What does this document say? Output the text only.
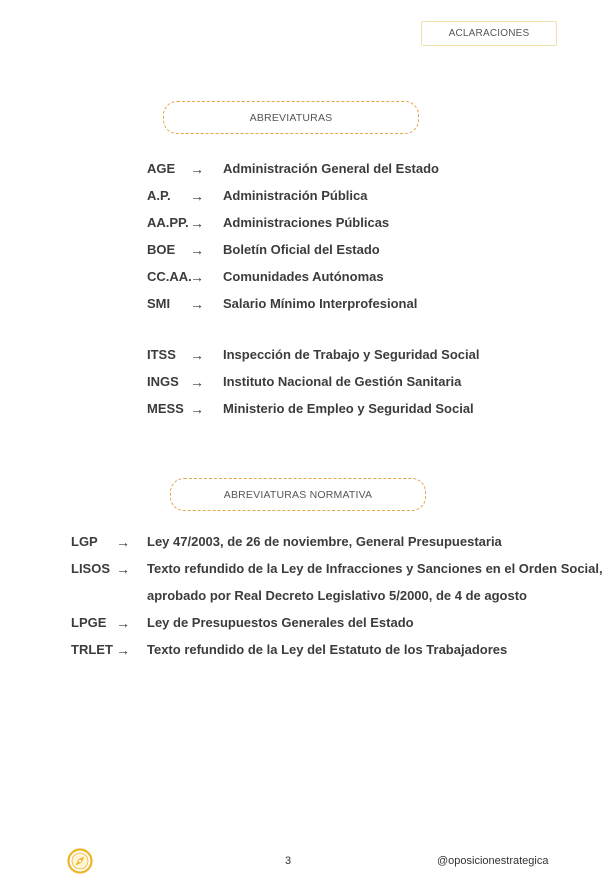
ACLARACIONES
ABREVIATURAS
AGE → Administración General del Estado
A.P. → Administración Pública
AA.PP. → Administraciones Públicas
BOE → Boletín Oficial del Estado
CC.AA.
→ Comunidades Autónomas
SMI → Salario Mínimo Interprofesional
ITSS → Inspección de Trabajo y Seguridad Social
INGS → Instituto Nacional de Gestión Sanitaria
MESS → Ministerio de Empleo y Seguridad Social
ABREVIATURAS NORMATIVA
LGP → Ley 47/2003, de 26 de noviembre, General Presupuestaria
LISOS → Texto refundido de la Ley de Infracciones y Sanciones en el Orden Social,
aprobado por Real Decreto Legislativo 5/2000, de 4 de agosto
LPGE → Ley de Presupuestos Generales del Estado
TRLET → Texto refundido de la Ley del Estatuto de los Trabajadores
3	@oposicionestrategica
